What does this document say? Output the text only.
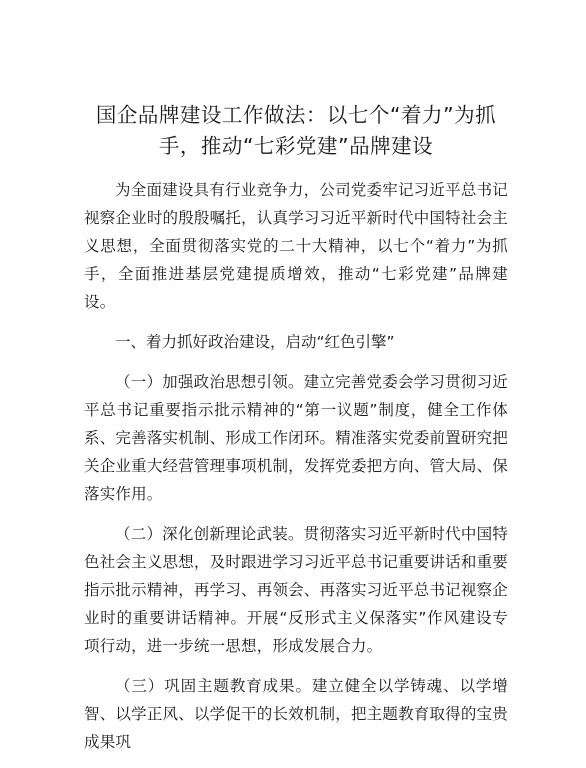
国企品牌建设工作做法：以七个“着力”为抓手，推动“七彩党建”品牌建设

为全面建设具有行业竞争力，公司党委牢记习近平总书记视察企业时的殷殷嘱托，认真学习习近平新时代中国特社会主义思想，全面贯彻落实党的二十大精神，以七个“着力”为抓手，全面推进基层党建提质增效，推动“七彩党建”品牌建设。

一、着力抓好政治建设，启动“红色引擎”

（一）加强政治思想引领。建立完善党委会学习贯彻习近平总书记重要指示批示精神的“第一议题”制度，健全工作体系、完善落实机制、形成工作闭环。精准落实党委前置研究把关企业重大经营管理事项机制，发挥党委把方向、管大局、保落实作用。

（二）深化创新理论武装。贯彻落实习近平新时代中国特色社会主义思想，及时跟进学习习近平总书记重要讲话和重要指示批示精神，再学习、再领会、再落实习近平总书记视察企业时的重要讲话精神。开展“反形式主义保落实”作风建设专项行动，进一步统一思想，形成发展合力。

（三）巩固主题教育成果。建立健全以学铸魂、以学增智、以学正风、以学促干的长效机制，把主题教育取得的宝贵成果巩
